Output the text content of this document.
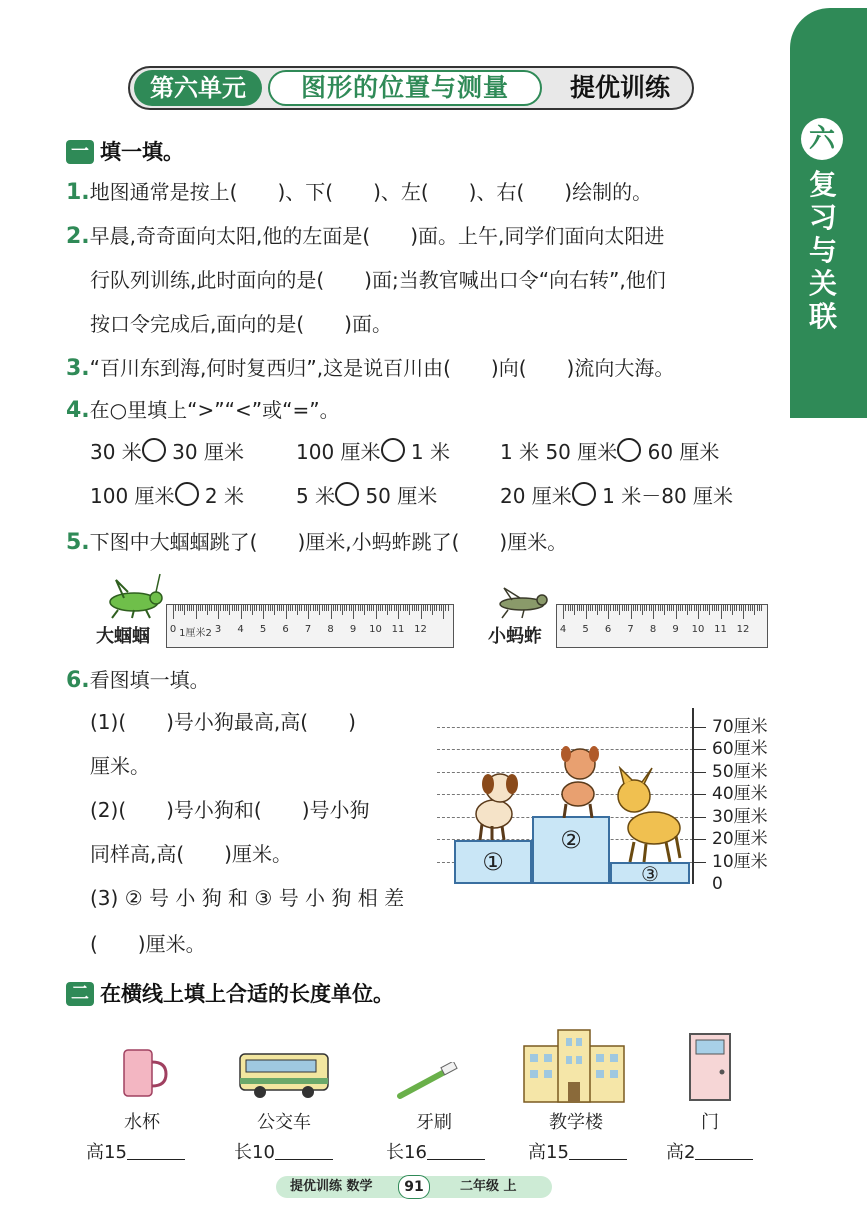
第六单元	图形的位置与测量	提优训练
六
复习与关联
一 填一填。
1.地图通常是按上(　　)、下(　　)、左(　　)、右(　　)绘制的。
2.早晨,奇奇面向太阳,他的左面是(　　)面。上午,同学们面向太阳进
行队列训练,此时面向的是(　　)面;当教官喊出口令“向右转”,他们
按口令完成后,面向的是(　　)面。
3.“百川东到海,何时复西归”,这是说百川由(　　)向(　　)流向大海。
4.在○里填上“>”“<”或“=”。
30 米 30 厘米	100 厘米 1 米	1 米 50 厘米 60 厘米
100 厘米 2 米	5 米 50 厘米	20 厘米 1 米－80 厘米
5.下图中大蝈蝈跳了(　　)厘米,小蚂蚱跳了(　　)厘米。
大蝈蝈	小蚂蚱
0 1厘米2 3 4 5 6 7 8 9 10 11 12	4 5 6 7 8 9 10 11 12
6.看图填一填。
(1)(　　)号小狗最高,高(　　)
厘米。
(2)(　　)号小狗和(　　)号小狗
同样高,高(　　)厘米。
(3) ② 号 小 狗 和 ③ 号 小 狗 相 差
(　　)厘米。
70厘米
60厘米
50厘米
40厘米
30厘米
20厘米
10厘米
0
①
②
③
二 在横线上填上合适的长度单位。
水杯	公交车	牙刷	教学楼	门
高15	长10	长16	高15	高2
提优训练 数学	91	二年级 上
